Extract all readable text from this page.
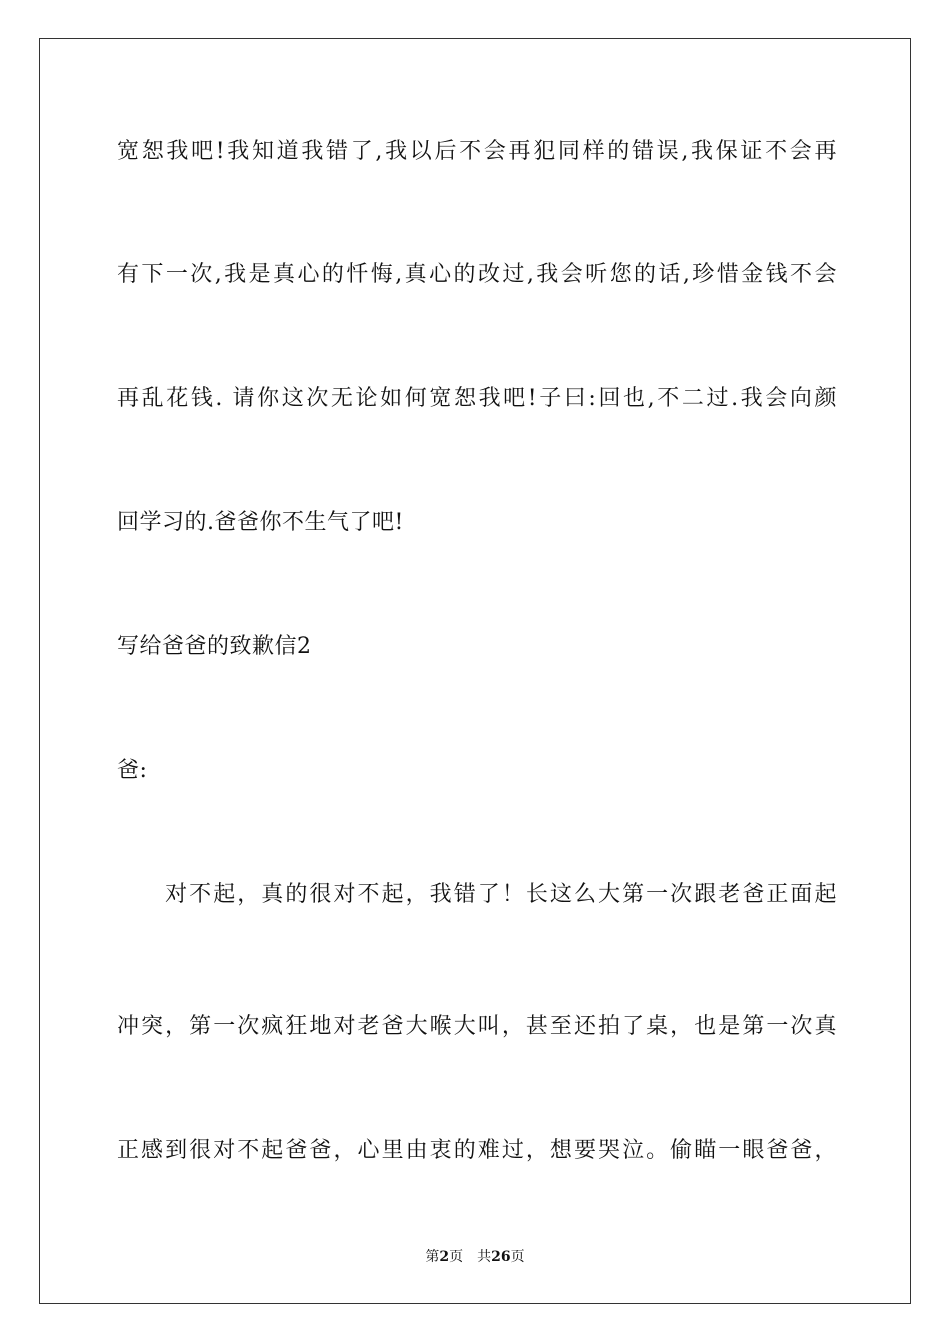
宽恕我吧!我知道我错了,我以后不会再犯同样的错误,我保证不会再
有下一次,我是真心的忏悔,真心的改过,我会听您的话,珍惜金钱不会
再乱花钱. 请你这次无论如何宽恕我吧!子曰:回也,不二过.我会向颜
回学习的.爸爸你不生气了吧!
写给爸爸的致歉信2
爸:
　　对不起，真的很对不起，我错了！长这么大第一次跟老爸正面起
冲突，第一次疯狂地对老爸大喉大叫，甚至还拍了桌，也是第一次真
正感到很对不起爸爸，心里由衷的难过，想要哭泣。偷瞄一眼爸爸，
第2页 共26页
